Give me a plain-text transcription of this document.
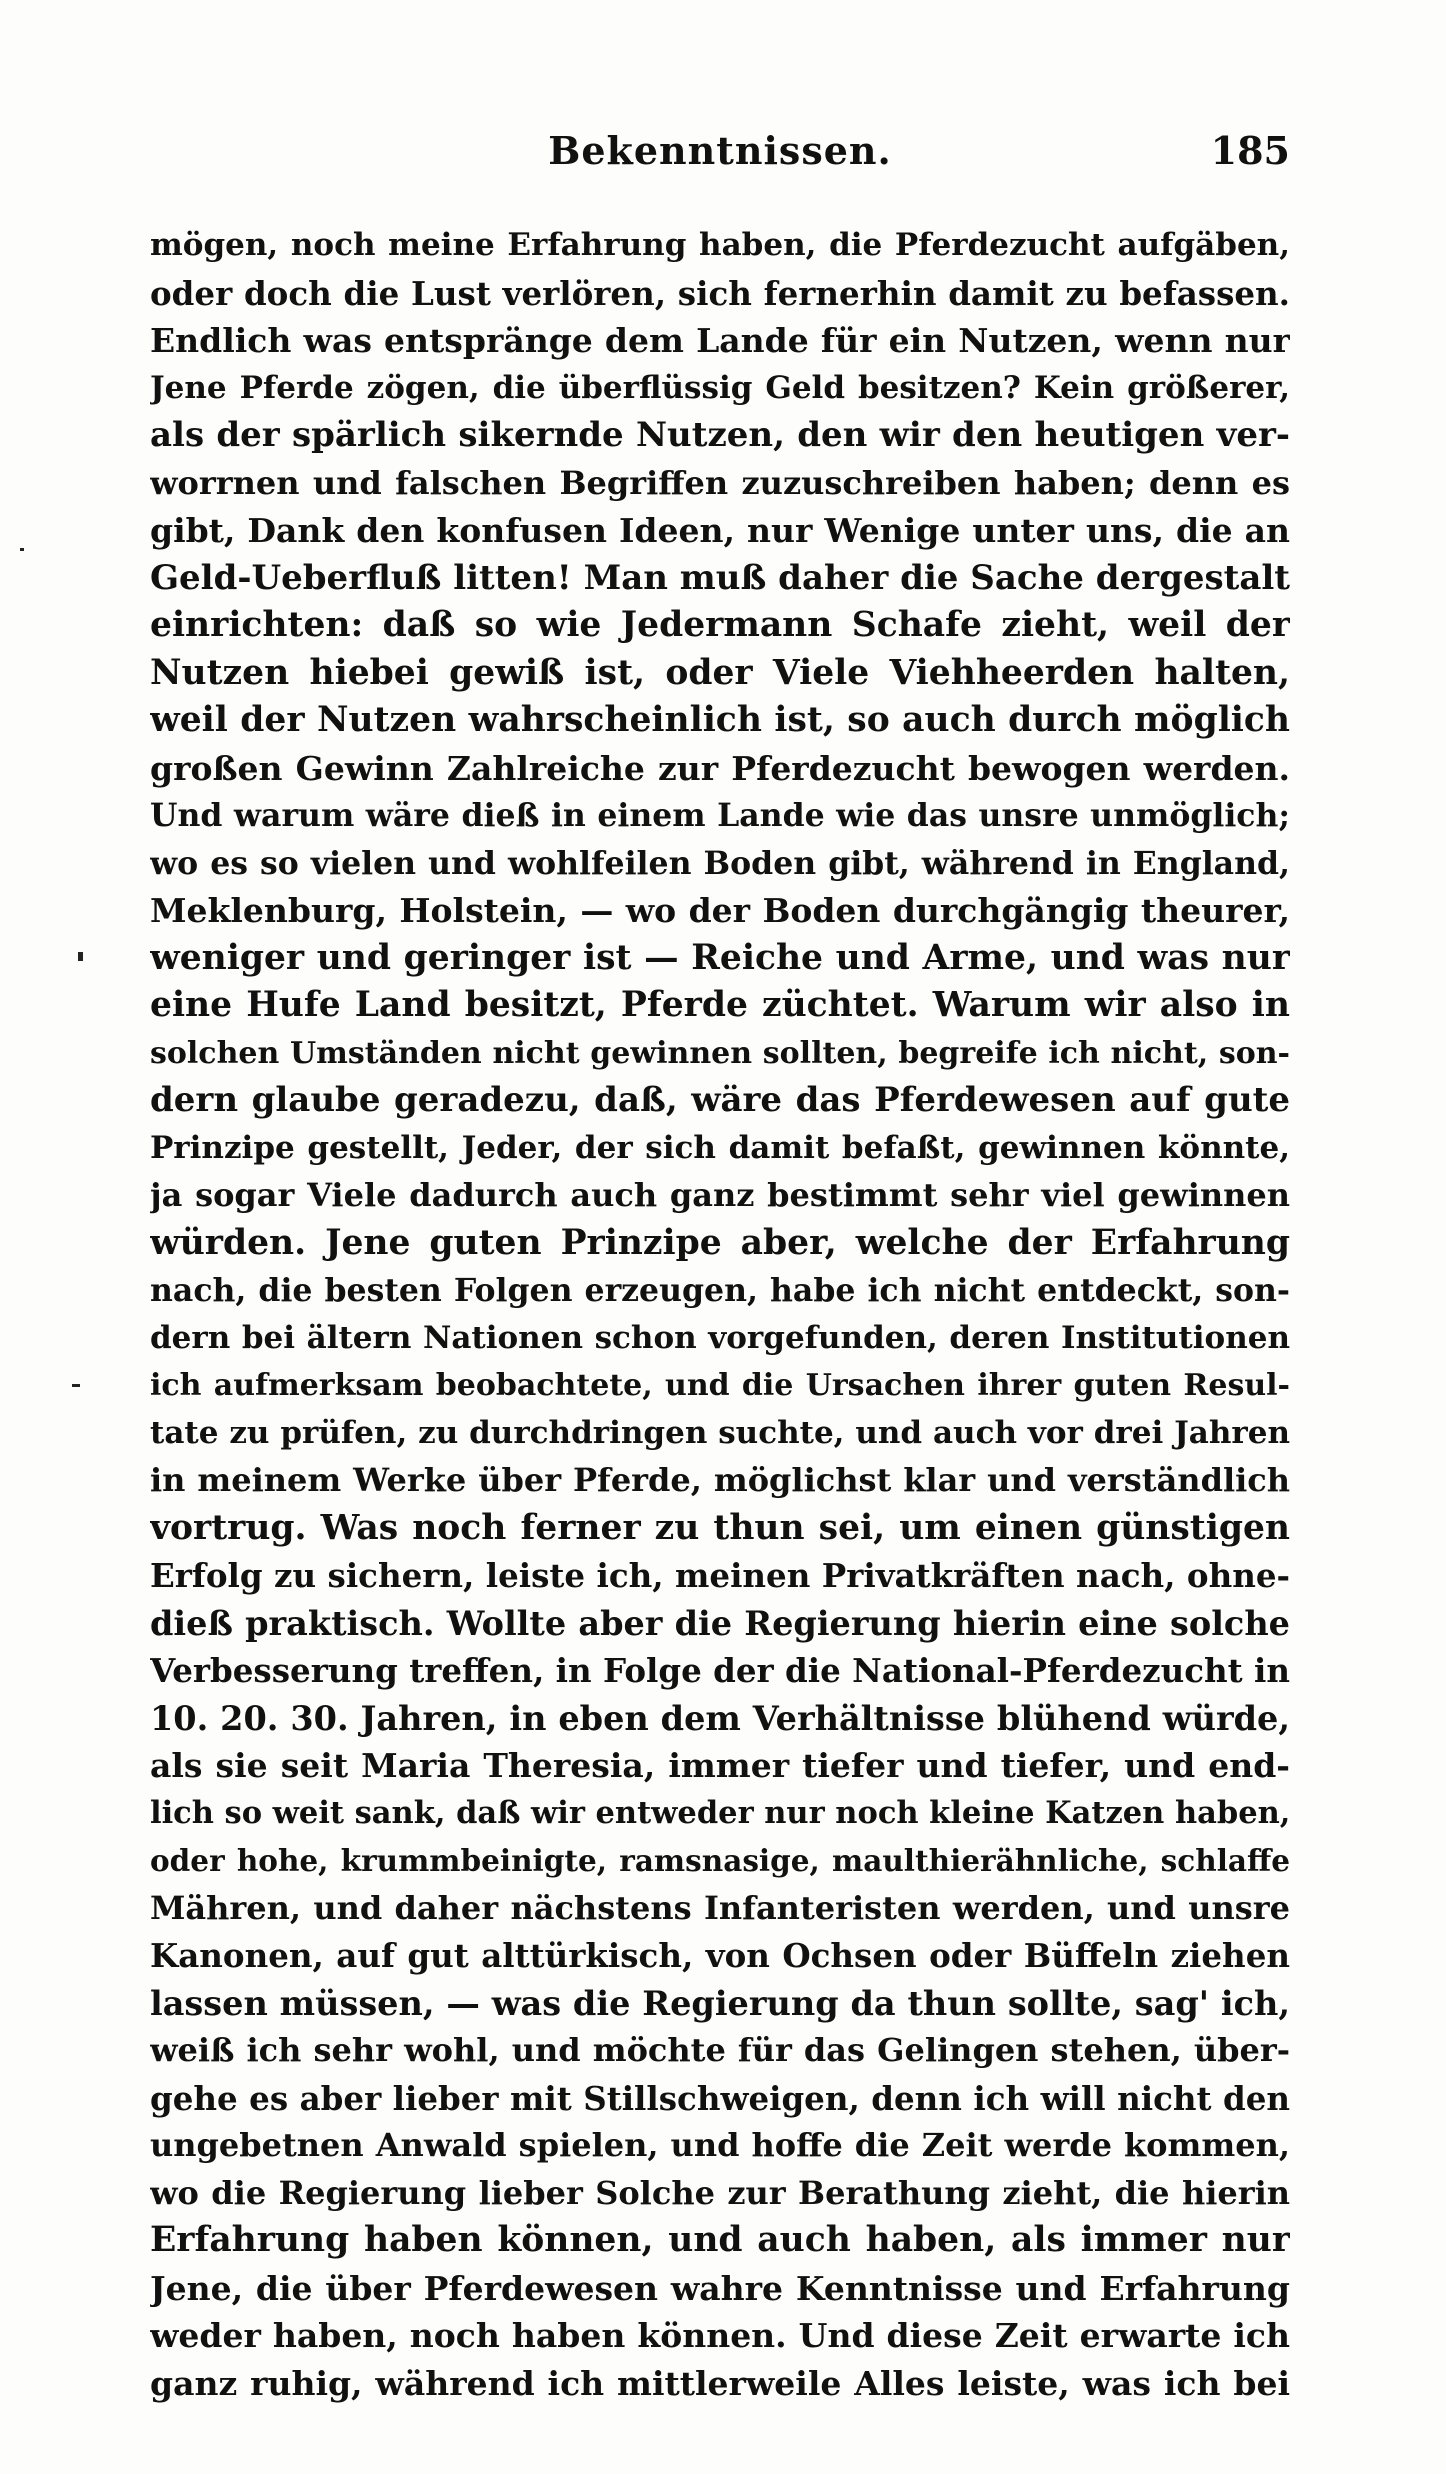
Bekenntnissen.	185
mögen, noch meine Erfahrung haben, die Pferdezucht aufgäben,
oder doch die Lust verlören, sich fernerhin damit zu befassen.
Endlich was entspränge dem Lande für ein Nutzen, wenn nur
Jene Pferde zögen, die überflüssig Geld besitzen? Kein größerer,
als der spärlich sikernde Nutzen, den wir den heutigen ver-
worrnen und falschen Begriffen zuzuschreiben haben; denn es
gibt, Dank den konfusen Ideen, nur Wenige unter uns, die an
Geld-Ueberfluß litten! Man muß daher die Sache dergestalt
einrichten: daß so wie Jedermann Schafe zieht, weil der
Nutzen hiebei gewiß ist, oder Viele Viehheerden halten,
weil der Nutzen wahrscheinlich ist, so auch durch möglich
großen Gewinn Zahlreiche zur Pferdezucht bewogen werden.
Und warum wäre dieß in einem Lande wie das unsre unmöglich;
wo es so vielen und wohlfeilen Boden gibt, während in England,
Meklenburg, Holstein, — wo der Boden durchgängig theurer,
weniger und geringer ist — Reiche und Arme, und was nur
eine Hufe Land besitzt, Pferde züchtet. Warum wir also in
solchen Umständen nicht gewinnen sollten, begreife ich nicht, son-
dern glaube geradezu, daß, wäre das Pferdewesen auf gute
Prinzipe gestellt, Jeder, der sich damit befaßt, gewinnen könnte,
ja sogar Viele dadurch auch ganz bestimmt sehr viel gewinnen
würden. Jene guten Prinzipe aber, welche der Erfahrung
nach, die besten Folgen erzeugen, habe ich nicht entdeckt, son-
dern bei ältern Nationen schon vorgefunden, deren Institutionen
ich aufmerksam beobachtete, und die Ursachen ihrer guten Resul-
tate zu prüfen, zu durchdringen suchte, und auch vor drei Jahren
in meinem Werke über Pferde, möglichst klar und verständlich
vortrug. Was noch ferner zu thun sei, um einen günstigen
Erfolg zu sichern, leiste ich, meinen Privatkräften nach, ohne-
dieß praktisch. Wollte aber die Regierung hierin eine solche
Verbesserung treffen, in Folge der die National-Pferdezucht in
10. 20. 30. Jahren, in eben dem Verhältnisse blühend würde,
als sie seit Maria Theresia, immer tiefer und tiefer, und end-
lich so weit sank, daß wir entweder nur noch kleine Katzen haben,
oder hohe, krummbeinigte, ramsnasige, maulthierähnliche, schlaffe
Mähren, und daher nächstens Infanteristen werden, und unsre
Kanonen, auf gut alttürkisch, von Ochsen oder Büffeln ziehen
lassen müssen, — was die Regierung da thun sollte, sag' ich,
weiß ich sehr wohl, und möchte für das Gelingen stehen, über-
gehe es aber lieber mit Stillschweigen, denn ich will nicht den
ungebetnen Anwald spielen, und hoffe die Zeit werde kommen,
wo die Regierung lieber Solche zur Berathung zieht, die hierin
Erfahrung haben können, und auch haben, als immer nur
Jene, die über Pferdewesen wahre Kenntnisse und Erfahrung
weder haben, noch haben können. Und diese Zeit erwarte ich
ganz ruhig, während ich mittlerweile Alles leiste, was ich bei
